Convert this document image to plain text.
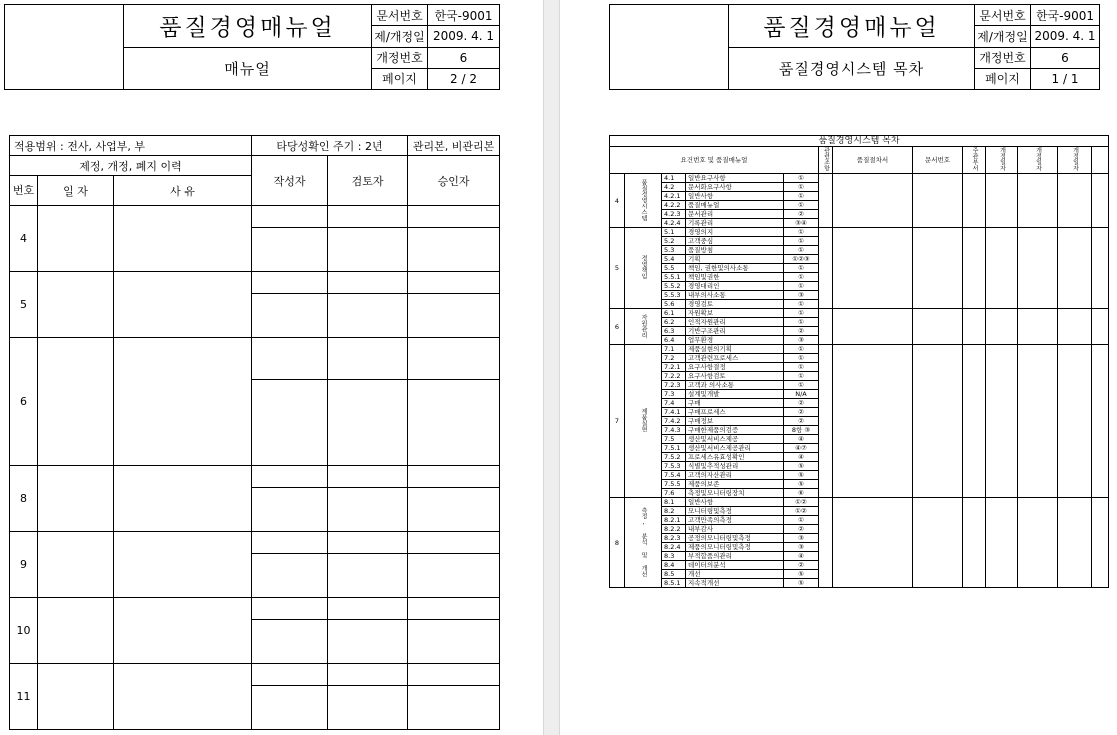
	품질경영매뉴얼	문서번호	한국-9001
		제/개정일	2009. 4. 1
	매뉴얼	개정번호	6
		페이지	2 / 2
	품질경영매뉴얼	문서번호	한국-9001
		제/개정일	2009. 4. 1
	품질경영시스템 목차	개정번호	6
		페이지	1 / 1
적용범위 : 전사, 사업부, 부			타당성확인 주기 : 2년		관리본, 비관리본
제정, 개정, 폐지 이력			작성자	검토자	승인자
번호	일 자	사 유			
4					

5					

6					

8					

9					

10					

11					

품질경영시스템 목차												
요건번호 및 품질매뉴얼					관련조항	품질절차서	문서번호	주관부서	개정일자	개정일자	개정일자	
4	품질경영시스템	4.1	일반요구사항	①								
		4.2	문서화요구사항	①								
		4.2.1	일반사항	①								
		4.2.2	품질매뉴얼	①								
		4.2.3	문서관리	②								
		4.2.4	기록관리	③④								
5	경영책임	5.1	경영의지	①								
		5.2	고객중심	①								
		5.3	품질방침	①								
		5.4	기획	①②③								
		5.5	책임, 권한및의사소통	①								
		5.5.1	책임및권한	①								
		5.5.2	경영대리인	①								
		5.5.3	내부의사소통	③								
		5.6	경영검토	①								
6	자원관리	6.1	자원확보	①								
		6.2	인적자원관리	①								
		6.3	기반구조관리	②								
		6.4	업무환경	③								
7	제품실현	7.1	제품실현의기획	①								
		7.2	고객관련프로세스	①								
		7.2.1	요구사항결정	①								
		7.2.2	요구사항검토	①								
		7.2.3	고객과 의사소통	①								
		7.3	설계및개발	N/A								
		7.4	구매	②								
		7.4.1	구매프로세스	②								
		7.4.2	구매정보	②								
		7.4.3	구매한제품의검증	8항 ③								
		7.5	생산및서비스제공	④								
		7.5.1	생산및서비스제공관리	④⑦								
		7.5.2	프로세스유효성확인	④								
		7.5.3	식별및추적성관리	⑤								
		7.5.4	고객의자산관리	⑤								
		7.5.5	제품의보존	⑤								
		7.6	측정및모니터링장치	⑥								
8	측정, 분석 및 개선	8.1	일반사항	①②								
		8.2	모니터링및측정	①②								
		8.2.1	고객만족의측정	①								
		8.2.2	내부감사	②								
		8.2.3	공정의모니터링및측정	③								
		8.2.4	제품의모니터링및측정	③								
		8.3	부적합품의관리	④								
		8.4	데이터의분석	②								
		8.5	개선	⑤								
		8.5.1	지속적개선	⑤								
